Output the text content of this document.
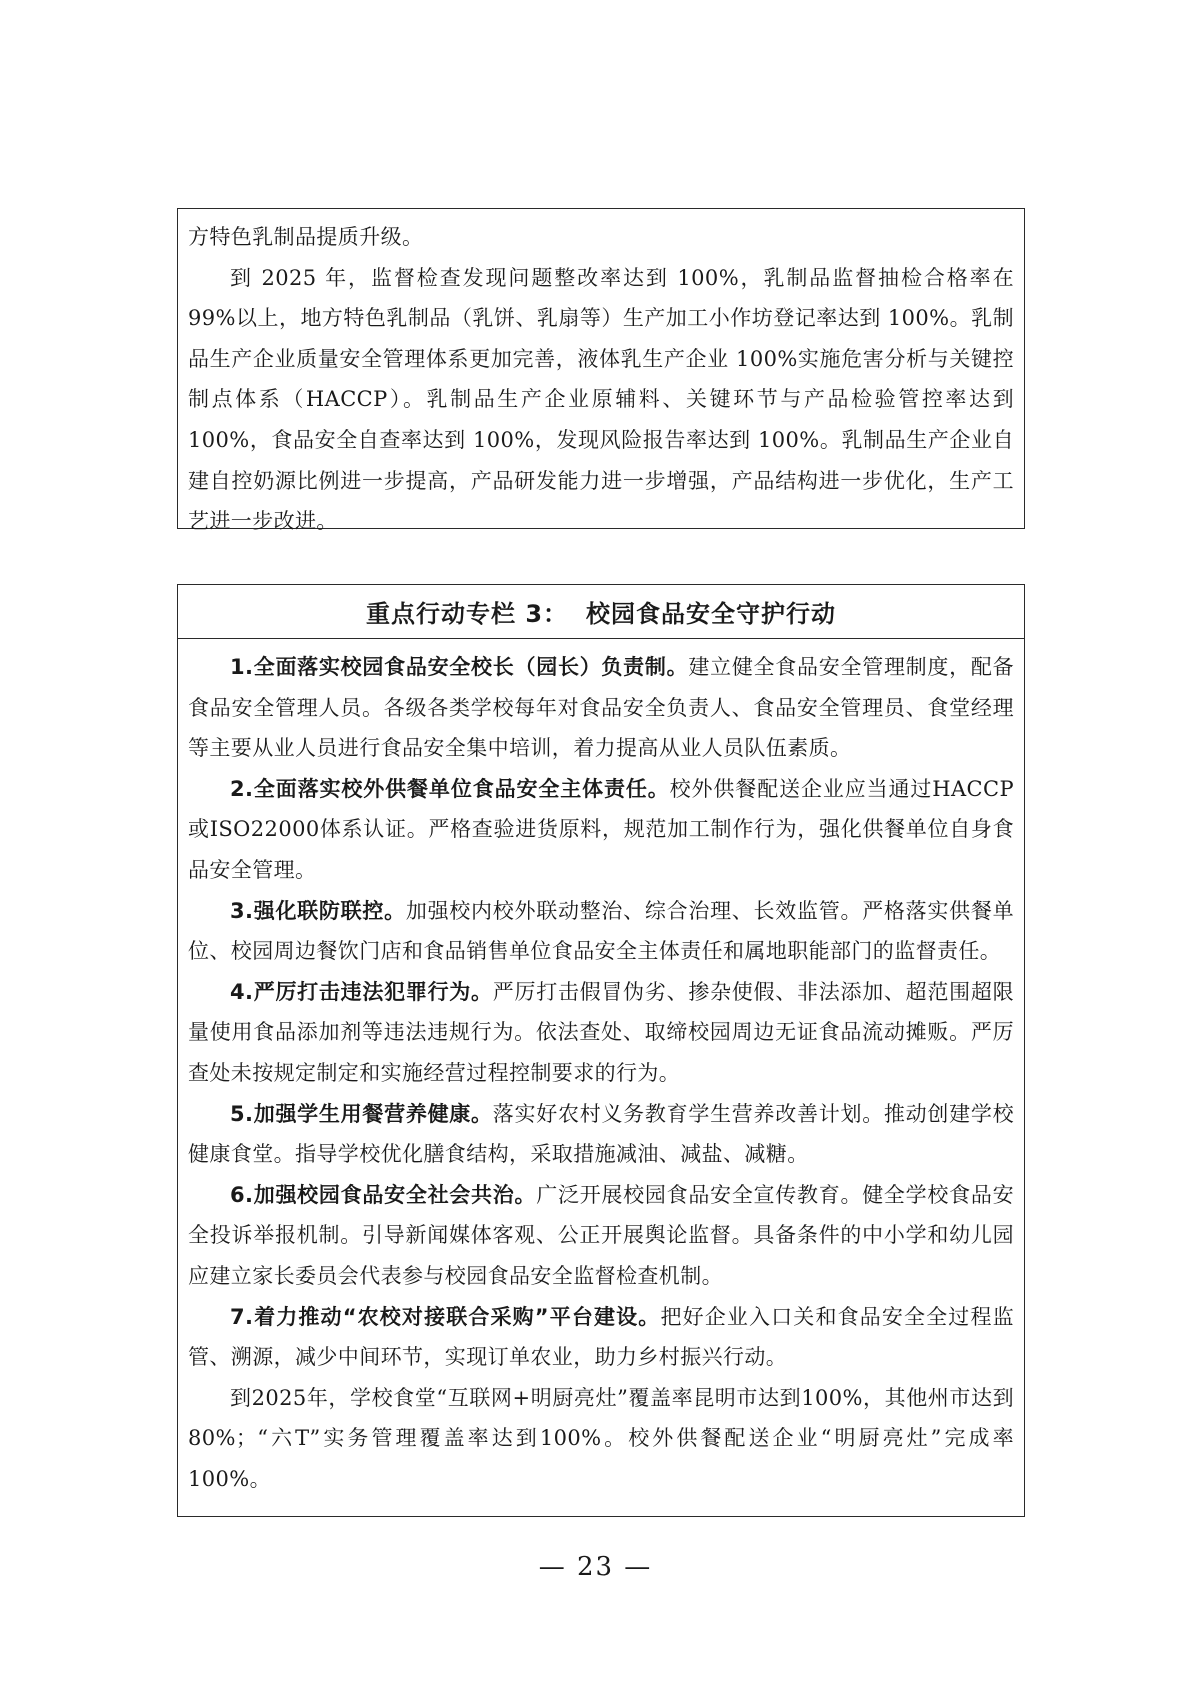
方特色乳制品提质升级。

到 2025 年，监督检查发现问题整改率达到 100%，乳制品监督抽检合格率在 99%以上，地方特色乳制品（乳饼、乳扇等）生产加工小作坊登记率达到 100%。乳制品生产企业质量安全管理体系更加完善，液体乳生产企业 100%实施危害分析与关键控制点体系（HACCP）。乳制品生产企业原辅料、关键环节与产品检验管控率达到 100%，食品安全自查率达到 100%，发现风险报告率达到 100%。乳制品生产企业自建自控奶源比例进一步提高，产品研发能力进一步增强，产品结构进一步优化，生产工艺进一步改进。

重点行动专栏 3： 校园食品安全守护行动

1.全面落实校园食品安全校长（园长）负责制。建立健全食品安全管理制度，配备食品安全管理人员。各级各类学校每年对食品安全负责人、食品安全管理员、食堂经理等主要从业人员进行食品安全集中培训，着力提高从业人员队伍素质。

2.全面落实校外供餐单位食品安全主体责任。校外供餐配送企业应当通过HACCP或ISO22000体系认证。严格查验进货原料，规范加工制作行为，强化供餐单位自身食品安全管理。

3.强化联防联控。加强校内校外联动整治、综合治理、长效监管。严格落实供餐单位、校园周边餐饮门店和食品销售单位食品安全主体责任和属地职能部门的监督责任。

4.严厉打击违法犯罪行为。严厉打击假冒伪劣、掺杂使假、非法添加、超范围超限量使用食品添加剂等违法违规行为。依法查处、取缔校园周边无证食品流动摊贩。严厉查处未按规定制定和实施经营过程控制要求的行为。

5.加强学生用餐营养健康。落实好农村义务教育学生营养改善计划。推动创建学校健康食堂。指导学校优化膳食结构，采取措施减油、减盐、减糖。

6.加强校园食品安全社会共治。广泛开展校园食品安全宣传教育。健全学校食品安全投诉举报机制。引导新闻媒体客观、公正开展舆论监督。具备条件的中小学和幼儿园应建立家长委员会代表参与校园食品安全监督检查机制。

7.着力推动“农校对接联合采购”平台建设。把好企业入口关和食品安全全过程监管、溯源，减少中间环节，实现订单农业，助力乡村振兴行动。

到2025年，学校食堂“互联网+明厨亮灶”覆盖率昆明市达到100%，其他州市达到80%；“六T”实务管理覆盖率达到100%。校外供餐配送企业“明厨亮灶”完成率100%。

— 23 —
